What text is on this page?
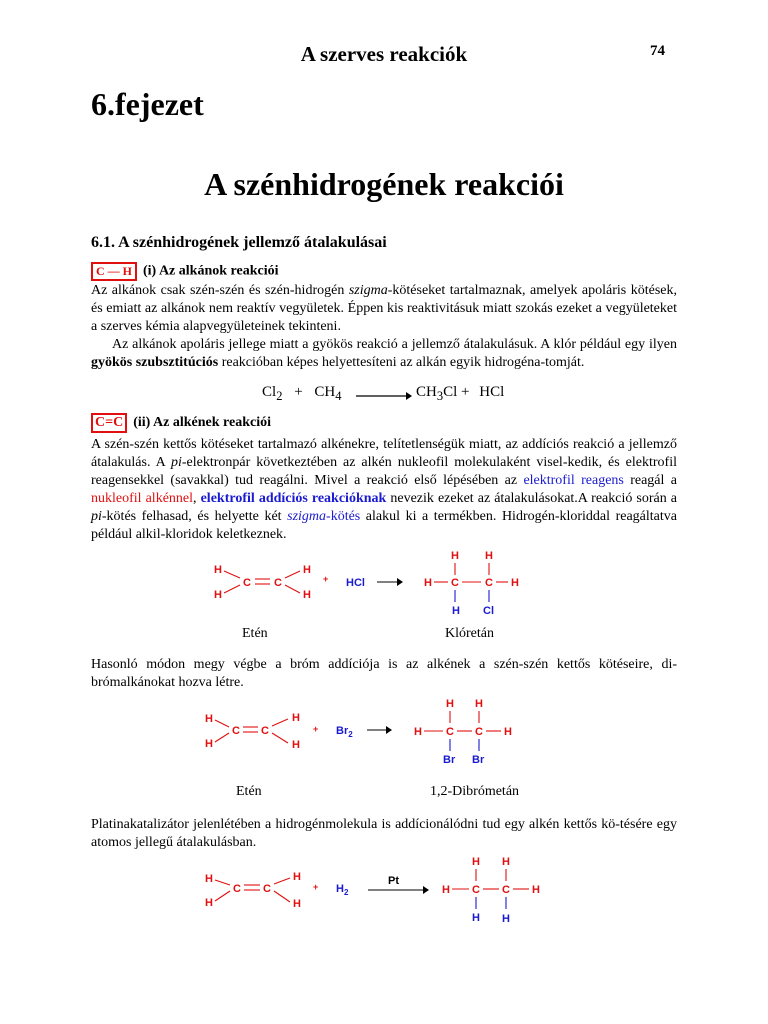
A szerves reakciók	74
6.fejezet
A szénhidrogének reakciói
6.1. A szénhidrogének jellemző átalakulásai
C — H (i) Az alkánok reakciói

Az alkánok csak szén-szén és szén-hidrogén szigma-kötéseket tartalmaznak, amelyek apoláris kötések, és emiatt az alkánok nem reaktív vegyületek. Éppen kis reaktivitásuk miatt szokás ezeket a vegyületeket a szerves kémia alapvegyületeinek tekinteni.

Az alkánok apoláris jellege miatt a gyökös reakció a jellemző átalakulásuk. A klór például egy ilyen gyökös szubsztitúciós reakcióban képes helyettesíteni az alkán egyik hidrogéna-tomját.

$Cl_2 + CH_4 \to CH_3Cl$ + HCl
C=C (ii) Az alkének reakciói

A szén-szén kettős kötéseket tartalmazó alkénekre, telítetlenségük miatt, az addíciós reakció a jellemző átalakulás. A pi-elektronpár következtében az alkén nukleofil molekulaként visel-kedik, és elektrofil reagensekkel (savakkal) tud reagálni. Mivel a reakció első lépésében az elektrofil reagens reagál a nukleofil alkénnel, elektrofil addíciós reakcióknak nevezik ezeket az átalakulásokat.A reakció során a pi-kötés felhasad, és helyette két szigma-kötés alakul ki a termékben. Hidrogén-kloriddal reagáltatva például alkil-kloridok keletkeznek.

H
H
C C
H
H
+ HCl
H H
H C C H
H Cl
Etén	Klóretán
Hasonló módon megy végbe a bróm addíciója is az alkének a szén-szén kettős kötéseire, di-brómalkánokat hozva létre.
H
H
C C
H
H
+ $Br_2$
H H
H C C H
Br Br
Etén	1,2-Dibrómetán
Platinakatalizátor jelenlétében a hidrogénmolekula is addícionálódni tud egy alkén kettős kö-tésére egy atomos jellegű átalakulásban.
H
H
C C
H
H
+ $H_2$
Pt
H H
H C C H
H H
